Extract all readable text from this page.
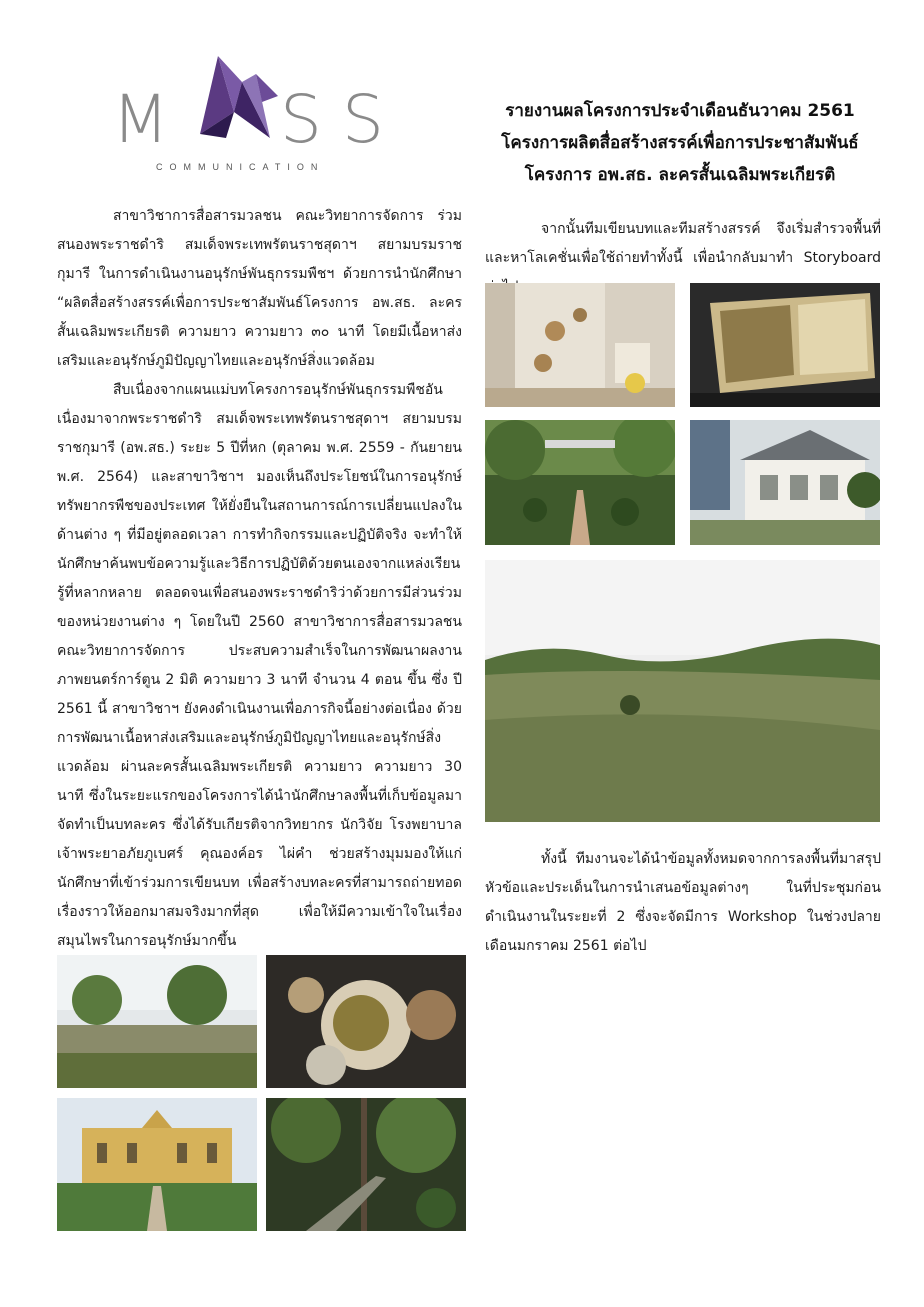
M S S
COMMUNICATION
รายงานผลโครงการประจำเดือนธันวาคม 2561
โครงการผลิตสื่อสร้างสรรค์เพื่อการประชาสัมพันธ์
โครงการ อพ.สธ. ละครสั้นเฉลิมพระเกียรติ

สาขาวิชาการสื่อสารมวลชน คณะวิทยาการจัดการ ร่วมสนองพระราชดำริ สมเด็จพระเทพรัตนราชสุดาฯ สยามบรมราชกุมารี ในการดำเนินงานอนุรักษ์พันธุกรรมพืชฯ ด้วยการนำนักศึกษา “ผลิตสื่อสร้างสรรค์เพื่อการประชาสัมพันธ์โครงการ อพ.สธ. ละครสั้นเฉลิมพระเกียรติ ความยาว ความยาว ๓๐ นาที โดยมีเนื้อหาส่งเสริมและอนุรักษ์ภูมิปัญญาไทยและอนุรักษ์สิ่งแวดล้อม

สืบเนื่องจากแผนแม่บทโครงการอนุรักษ์พันธุกรรมพืชอันเนื่องมาจากพระราชดำริ สมเด็จพระเทพรัตนราชสุดาฯ สยามบรมราชกุมารี (อพ.สธ.) ระยะ 5 ปีที่หก (ตุลาคม พ.ศ. 2559 - กันยายน พ.ศ. 2564) และสาขาวิชาฯ มองเห็นถึงประโยชน์ในการอนุรักษ์ทรัพยากรพืชของประเทศ ให้ยั่งยืนในสถานการณ์การเปลี่ยนแปลงในด้านต่าง ๆ ที่มีอยู่ตลอดเวลา การทำกิจกรรมและปฏิบัติจริง จะทำให้นักศึกษาค้นพบข้อความรู้และวิธีการปฏิบัติด้วยตนเองจากแหล่งเรียนรู้ที่หลากหลาย ตลอดจนเพื่อสนองพระราชดำริว่าด้วยการมีส่วนร่วมของหน่วยงานต่าง ๆ โดยในปี 2560 สาขาวิชาการสื่อสารมวลชน คณะวิทยาการจัดการ ประสบความสำเร็จในการพัฒนาผลงานภาพยนตร์การ์ตูน 2 มิติ ความยาว 3 นาที จำนวน 4 ตอน ขึ้น ซึ่ง ปี 2561 นี้ สาขาวิชาฯ ยังคงดำเนินงานเพื่อภารกิจนี้อย่างต่อเนื่อง ด้วยการพัฒนาเนื้อหาส่งเสริมและอนุรักษ์ภูมิปัญญาไทยและอนุรักษ์สิ่งแวดล้อม ผ่านละครสั้นเฉลิมพระเกียรติ ความยาว ความยาว 30 นาที ซึ่งในระยะแรกของโครงการได้นำนักศึกษาลงพื้นที่เก็บข้อมูลมาจัดทำเป็นบทละคร ซึ่งได้รับเกียรติจากวิทยากร นักวิจัย โรงพยาบาลเจ้าพระยาอภัยภูเบศร์ คุณองค์อร ไผ่คำ ช่วยสร้างมุมมองให้แก่นักศึกษาที่เข้าร่วมการเขียนบท เพื่อสร้างบทละครที่สามารถถ่ายทอดเรื่องราวให้ออกมาสมจริงมากที่สุด เพื่อให้มีความเข้าใจในเรื่องสมุนไพรในการอนุรักษ์มากขึ้น

จากนั้นทีมเขียนบทและทีมสร้างสรรค์ จึงเริ่มสำรวจพื้นที่และหาโลเคชั่นเพื่อใช้ถ่ายทำทั้งนี้ เพื่อนำกลับมาทำ Storyboard

ทั้งนี้ ทีมงานจะได้นำข้อมูลทั้งหมดจากการลงพื้นที่มาสรุปหัวข้อและประเด็นในการนำเสนอข้อมูลต่างๆ ในที่ประชุมก่อนดำเนินงานในระยะที่ 2 ซึ่งจะจัดมีการ Workshop ในช่วงปลายเดือนมกราคม 2561 ต่อไป
